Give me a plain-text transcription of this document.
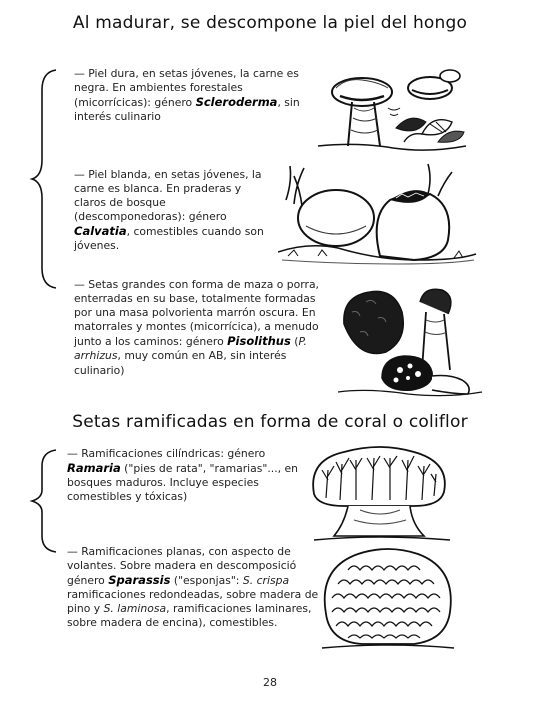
Al madurar, se descompone la piel del hongo
— Piel dura, en setas jóvenes, la carne es negra. En ambientes forestales (micorrícicas): género Scleroderma, sin interés culinario
— Piel blanda, en setas jóvenes, la carne es blanca. En praderas y claros de bosque (descomponedoras): género Calvatia, comestibles cuando son jóvenes.
— Setas grandes con forma de maza o porra, enterradas en su base, totalmente formadas por una masa polvorienta marrón oscura. En matorrales y montes (micorrícica), a menudo junto a los caminos: género Pisolithus (P. arrhizus, muy común en AB, sin interés culinario)
Setas ramificadas en forma de coral o coliflor
— Ramificaciones cilíndricas: género Ramaria ("pies de rata", "ramarias"..., en bosques maduros. Incluye especies comestibles y tóxicas)
— Ramificaciones planas, con aspecto de volantes. Sobre madera en descomposició género Sparassis ("esponjas": S. crispa ramificaciones redondeadas, sobre madera de pino y S. laminosa, ramificaciones laminares, sobre madera de encina), comestibles.
28
